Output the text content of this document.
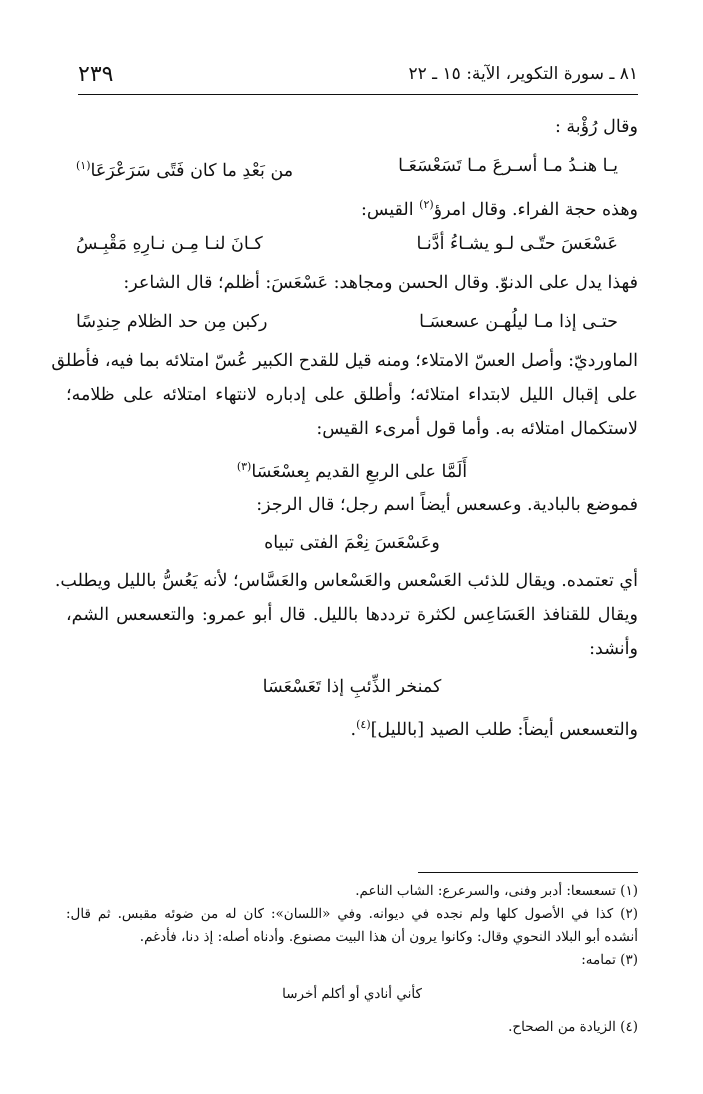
٨١ ـ سورة التكوير، الآية: ١٥ ـ ٢٢
٢٣٩
وقال رُؤْبة :
يـا هنـدُ مـا أسـرعَ مـا تَسَعْسَعَـا
من بَعْدِ ما كان فَتًى سَرَعْرَعَا$^{(١)}$
وهذه حجة الفراء. وقال امرؤ$^{(٢)}$ القيس:
عَسْعَسَ حتّـى لـو يشـاءُ أدَّنـا
كـانَ لنـا مِـن نـارِهِ مَقْبِـسُ
فهذا يدل على الدنوّ. وقال الحسن ومجاهد: عَسْعَسَ: أظلم؛ قال الشاعر:
حتـى إذا مـا ليلُهـن عسعسَـا
ركبن مِن حد الظلام حِندِسًا
الماورديّ: وأصل العسّ الامتلاء؛ ومنه قيل للقدح الكبير عُسّ امتلائه بما فيه، فأطلق
على إقبال الليل لابتداء امتلائه؛ وأطلق على إدباره لانتهاء امتلائه على ظلامه؛
لاستكمال امتلائه به. وأما قول أمرىء القيس:
أَلَمَّا على الربعِ القديم بِعسْعَسَا$^{(٣)}$
فموضع بالبادية. وعسعس أيضاً اسم رجل؛ قال الرجز:
وعَسْعَسَ نِعْمَ الفتى تبياه
أي تعتمده. ويقال للذئب العَسْعس والعَسْعاس والعَسَّاس؛ لأنه يَعُسُّ بالليل ويطلب.
ويقال للقنافذ العَسَاعِس لكثرة ترددها بالليل. قال أبو عمرو: والتعسعس الشم،
وأنشد:
كمنخر الذِّئبِ إذا تَعَسْعَسَا
والتعسعس أيضاً: طلب الصيد [بالليل]$^{(٤)}$.
(١) تسعسعا: أدبر وفنى، والسرعرع: الشاب الناعم.
(٢) كذا في الأصول كلها ولم نجده في ديوانه. وفي «اللسان»: كان له من ضوئه مقبس. ثم قال:
أنشده أبو البلاد النحوي وقال: وكانوا يرون أن هذا البيت مصنوع. وأدناه أصله: إذ دنا، فأدغم.
(٣) تمامه:
كأني أنادي أو أكلم أخرسا
(٤) الزيادة من الصحاح.
